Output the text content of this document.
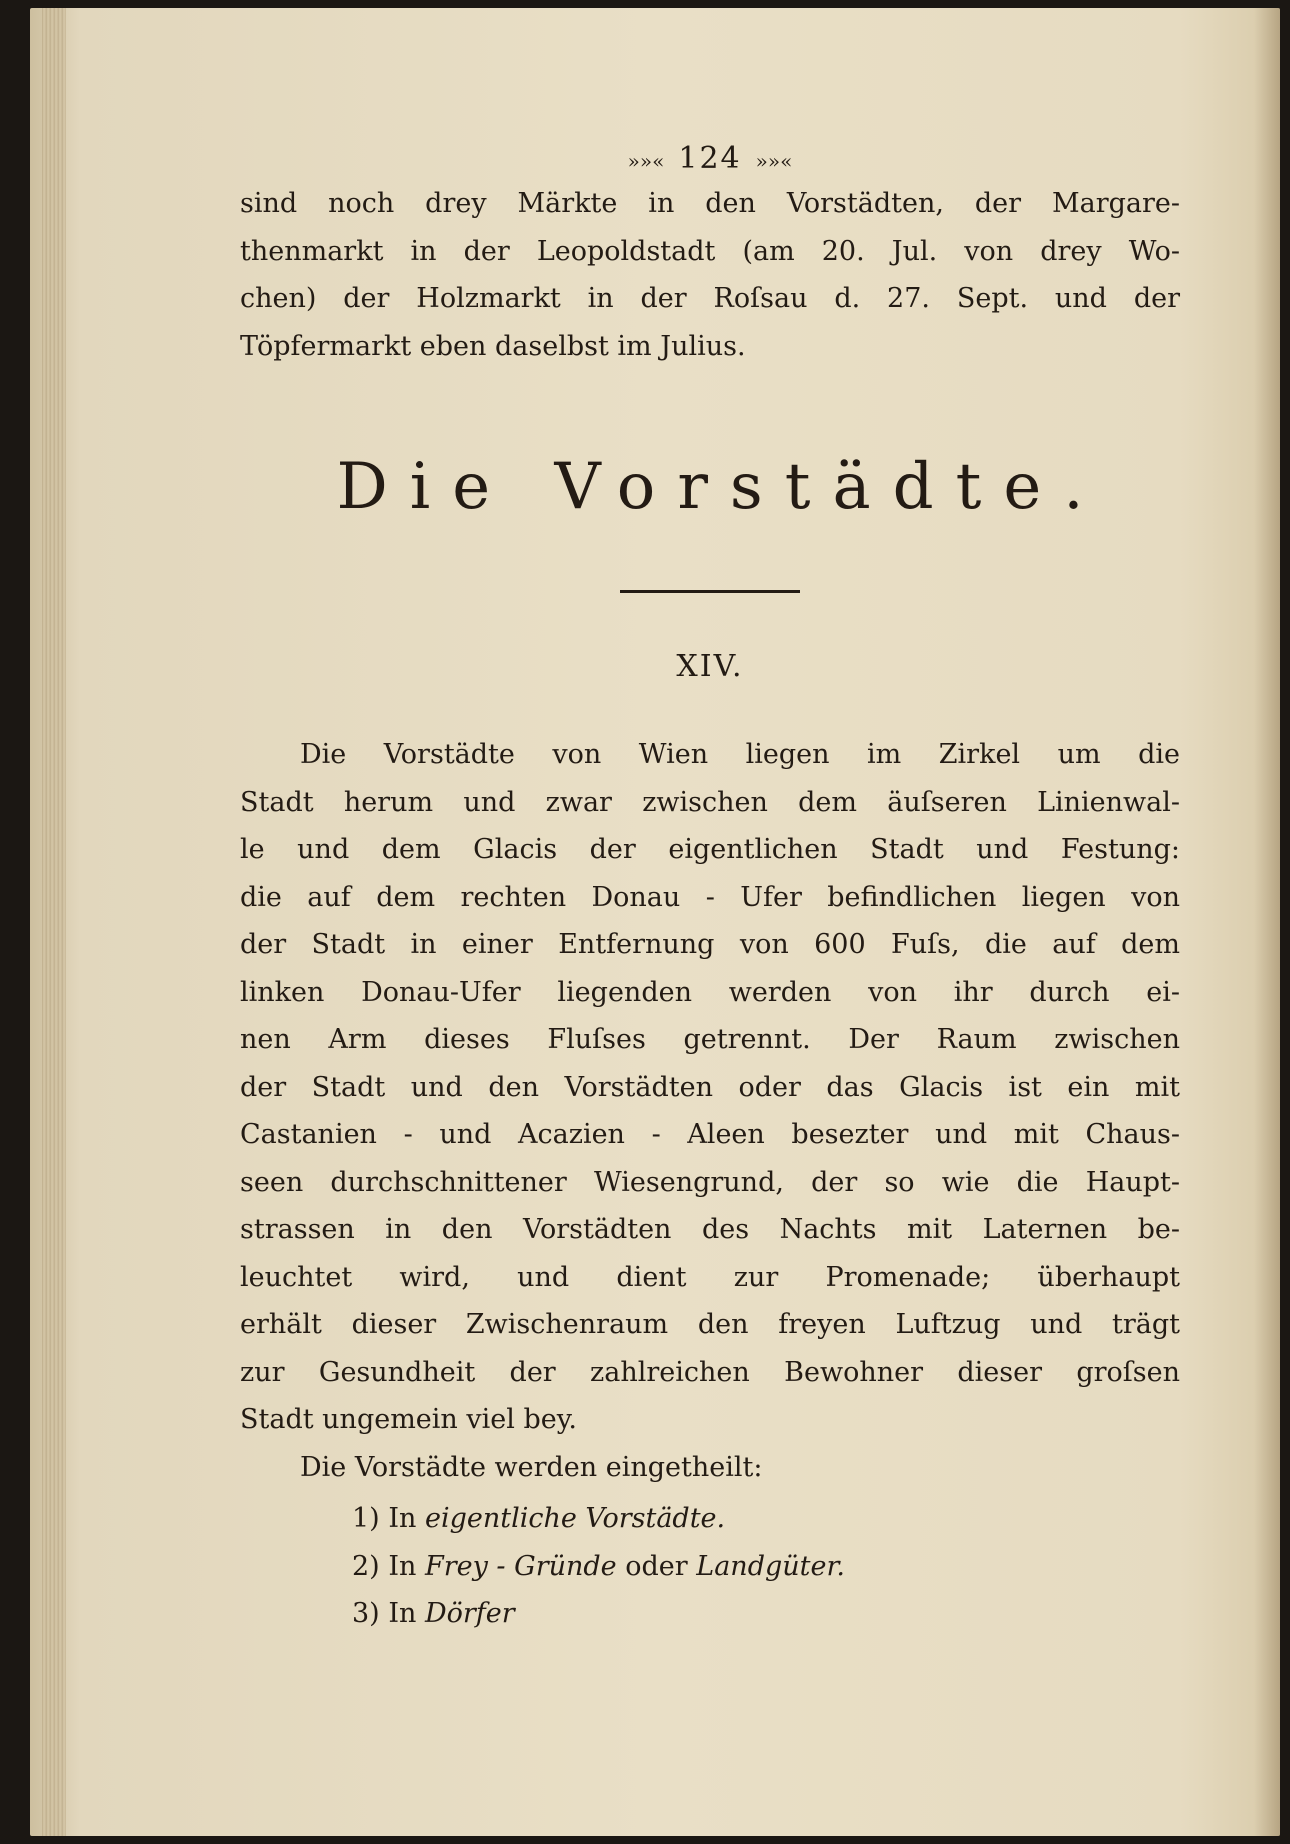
»»« 124 »»«
sind noch drey Märkte in den Vorstädten, der Margare-
thenmarkt in der Leopoldstadt (am 20. Jul. von drey Wo-
chen) der Holzmarkt in der Roſsau d. 27. Sept. und der
Töpfermarkt eben daselbst im Julius.
Die Vorstädte.
XIV.
Die Vorstädte von Wien liegen im Zirkel um die
Stadt herum und zwar zwischen dem äuſseren Linienwal-
le und dem Glacis der eigentlichen Stadt und Festung:
die auf dem rechten Donau - Ufer befindlichen liegen von
der Stadt in einer Entfernung von 600 Fuſs, die auf dem
linken Donau-Ufer liegenden werden von ihr durch ei-
nen Arm dieses Fluſses getrennt. Der Raum zwischen
der Stadt und den Vorstädten oder das Glacis ist ein mit
Castanien - und Acazien - Aleen besezter und mit Chaus-
seen durchschnittener Wiesengrund, der so wie die Haupt-
strassen in den Vorstädten des Nachts mit Laternen be-
leuchtet wird, und dient zur Promenade; überhaupt
erhält dieser Zwischenraum den freyen Luftzug und trägt
zur Gesundheit der zahlreichen Bewohner dieser groſsen
Stadt ungemein viel bey.
Die Vorstädte werden eingetheilt:
1) In eigentliche Vorstädte.
2) In Frey - Gründe oder Landgüter.
3) In Dörfer
